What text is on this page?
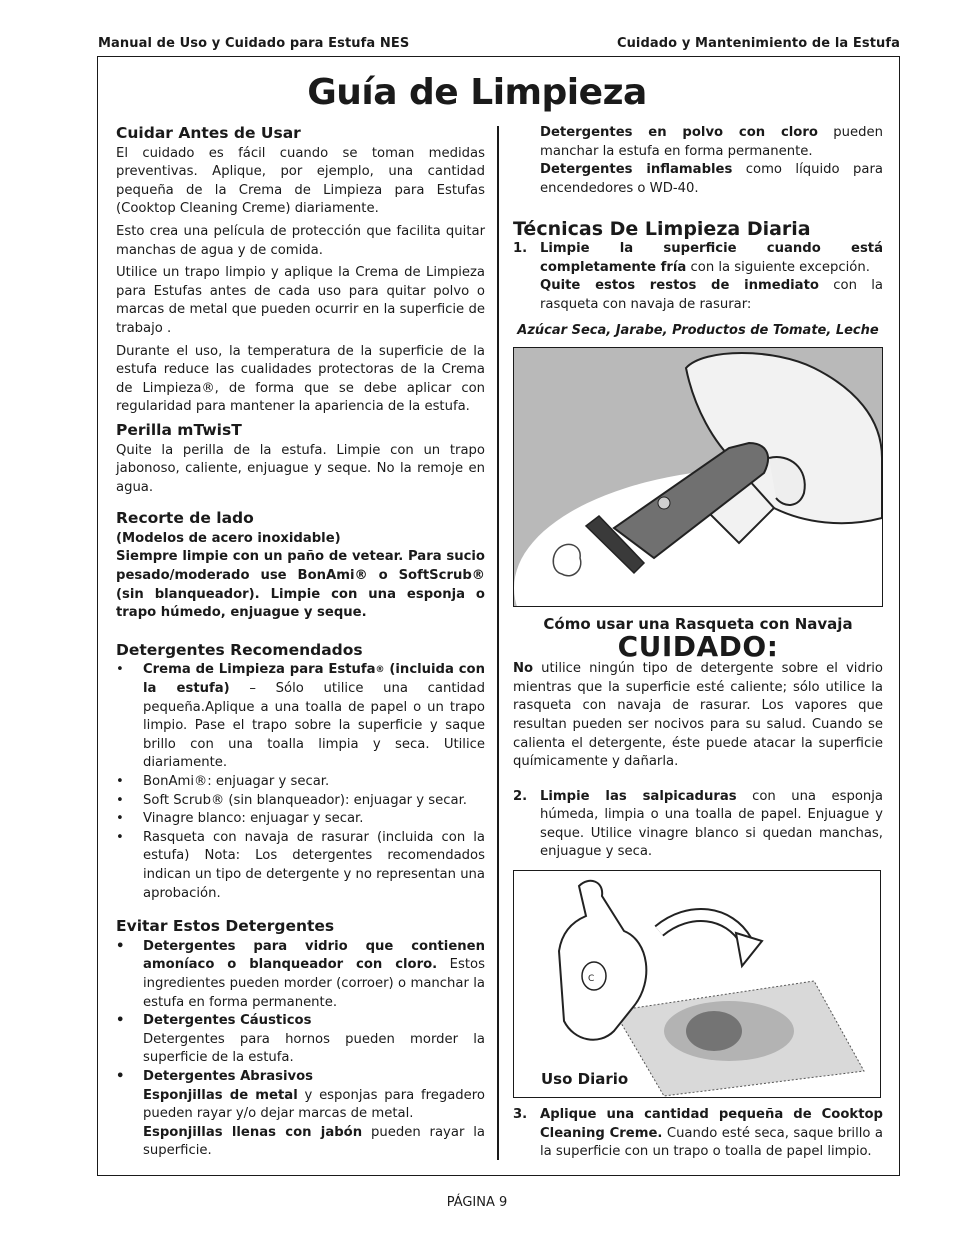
Manual de Uso y Cuidado para Estufa NES	Cuidado y Mantenimiento de la Estufa
Guía de Limpieza
Cuidar Antes de Usar

El cuidado es fácil cuando se toman medidas preventivas. Aplique, por ejemplo, una cantidad pequeña de la Crema de Limpieza para Estufas (Cooktop Cleaning Creme) diariamente.

Esto crea una película de protección que facilita quitar manchas de agua y de comida.

Utilice un trapo limpio y aplique la Crema de Limpieza para Estufas antes de cada uso para quitar polvo o marcas de metal que pueden ocurrir en la superficie de trabajo .

Durante el uso, la temperatura de la superficie de la estufa reduce las cualidades protectoras de la Crema de Limpieza®, de forma que se debe aplicar con regularidad para mantener la apariencia de la estufa.

Perilla mTwisT

Quite la perilla de la estufa. Limpie con un trapo jabonoso, caliente, enjuague y seque. No la remoje en agua.

Recorte de lado
(Modelos de acero inoxidable)

Siempre limpie con un paño de vetear. Para sucio pesado/moderado use BonAmi® o SoftScrub® (sin blanqueador). Limpie con una esponja o trapo húmedo, enjuague y seque.

Detergentes Recomendados
• Crema de Limpieza para Estufa® (incluida con la estufa) – Sólo utilice una cantidad pequeña.Aplique a una toalla de papel o un trapo limpio. Pase el trapo sobre la superficie y saque brillo con una toalla limpia y seca. Utilice diariamente.
• BonAmi®: enjuagar y secar.
• Soft Scrub® (sin blanqueador): enjuagar y secar.
• Vinagre blanco: enjuagar y secar.
• Rasqueta con navaja de rasurar (incluida con la estufa) Nota: Los detergentes recomendados indican un tipo de detergente y no representan una aprobación.
Evitar Estos Detergentes
• Detergentes para vidrio que contienen amoníaco o blanqueador con cloro. Estos ingredientes pueden morder (corroer) o manchar la estufa en forma permanente.
• Detergentes Cáusticos
Detergentes para hornos pueden morder la superficie de la estufa.
• Detergentes Abrasivos
Esponjillas de metal y esponjas para fregadero pueden rayar y/o dejar marcas de metal.
Esponjillas llenas con jabón pueden rayar la superficie.

Detergentes en polvo con cloro pueden manchar la estufa en forma permanente.

Detergentes inflamables como líquido para encendedores o WD-40.

Técnicas De Limpieza Diaria
1. Limpie la superficie cuando está completamente fría con la siguiente excepción.
Quite estos restos de inmediato con la rasqueta con navaja de rasurar:
Azúcar Seca, Jarabe, Productos de Tomate, Leche
Cómo usar una Rasqueta con Navaja
CUIDADO:

No utilice ningún tipo de detergente sobre el vidrio mientras que la superficie esté caliente; sólo utilice la rasqueta con navaja de rasurar. Los vapores que resultan pueden ser nocivos para su salud. Cuando se calienta el detergente, éste puede atacar la superficie químicamente y dañarla.

2. Limpie las salpicaduras con una esponja húmeda, limpia o una toalla de papel. Enjuague y seque. Utilice vinagre blanco si quedan manchas, enjuague y seca.
C
Uso Diario
3. Aplique una cantidad pequeña de Cooktop Cleaning Creme. Cuando esté seca, saque brillo a la superficie con un trapo o toalla de papel limpio.
PÁGINA 9
